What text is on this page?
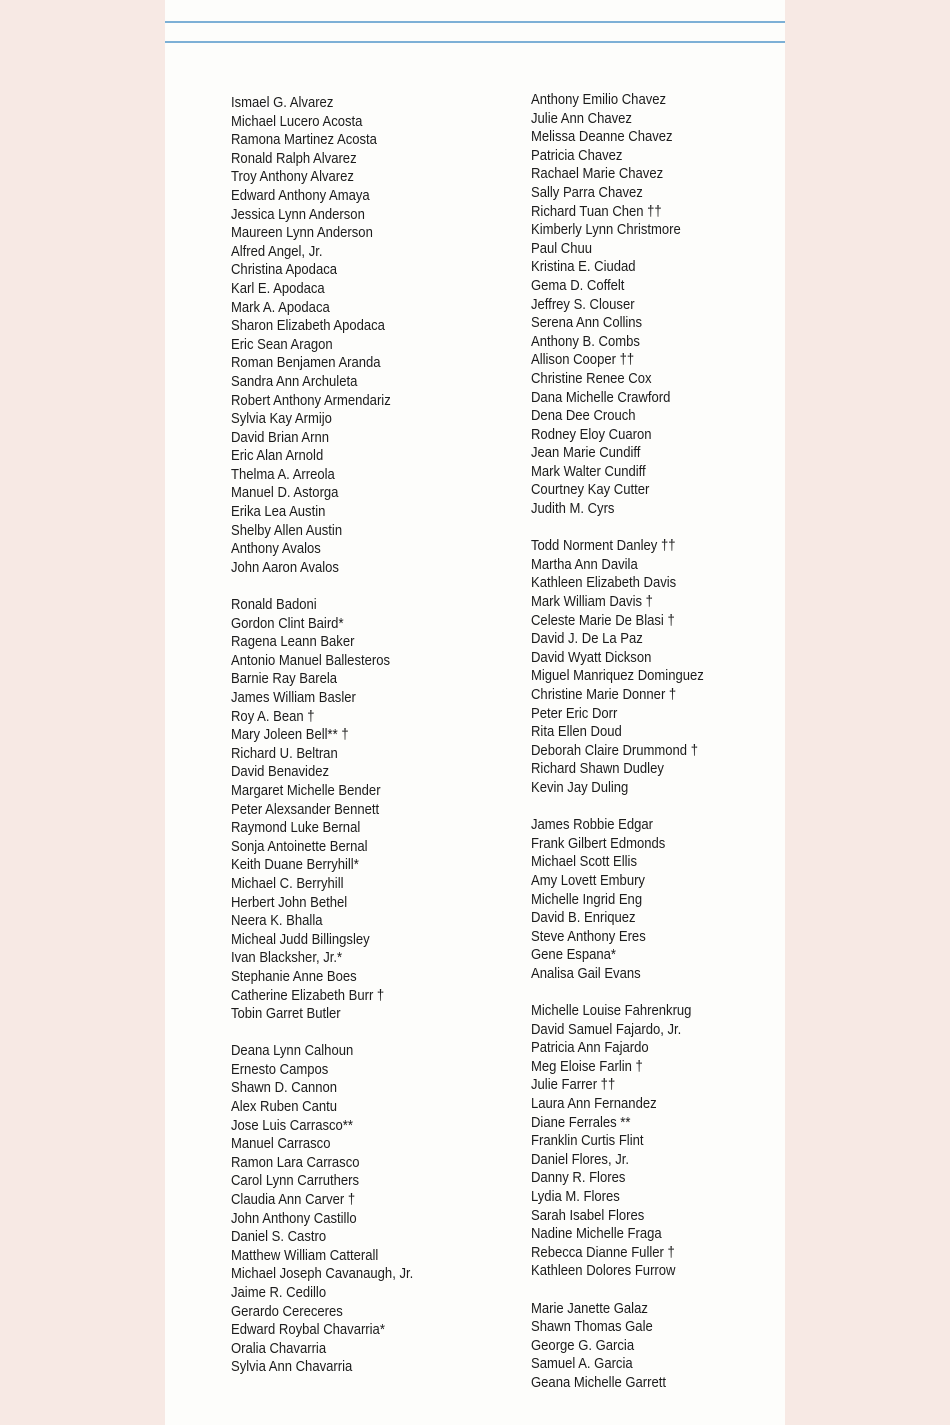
Ismael G. Alvarez
Michael Lucero Acosta
Ramona Martinez Acosta
Ronald Ralph Alvarez
Troy Anthony Alvarez
Edward Anthony Amaya
Jessica Lynn Anderson
Maureen Lynn Anderson
Alfred Angel, Jr.
Christina Apodaca
Karl E. Apodaca
Mark A. Apodaca
Sharon Elizabeth Apodaca
Eric Sean Aragon
Roman Benjamen Aranda
Sandra Ann Archuleta
Robert Anthony Armendariz
Sylvia Kay Armijo
David Brian Arnn
Eric Alan Arnold
Thelma A. Arreola
Manuel D. Astorga
Erika Lea Austin
Shelby Allen Austin
Anthony Avalos
John Aaron Avalos
Ronald Badoni
Gordon Clint Baird*
Ragena Leann Baker
Antonio Manuel Ballesteros
Barnie Ray Barela
James William Basler
Roy A. Bean †
Mary Joleen Bell** †
Richard U. Beltran
David Benavidez
Margaret Michelle Bender
Peter Alexsander Bennett
Raymond Luke Bernal
Sonja Antoinette Bernal
Keith Duane Berryhill*
Michael C. Berryhill
Herbert John Bethel
Neera K. Bhalla
Micheal Judd Billingsley
Ivan Blacksher, Jr.*
Stephanie Anne Boes
Catherine Elizabeth Burr †
Tobin Garret Butler
Deana Lynn Calhoun
Ernesto Campos
Shawn D. Cannon
Alex Ruben Cantu
Jose Luis Carrasco**
Manuel Carrasco
Ramon Lara Carrasco
Carol Lynn Carruthers
Claudia Ann Carver †
John Anthony Castillo
Daniel S. Castro
Matthew William Catterall
Michael Joseph Cavanaugh, Jr.
Jaime R. Cedillo
Gerardo Cereceres
Edward Roybal Chavarria*
Oralia Chavarria
Sylvia Ann Chavarria
Anthony Emilio Chavez
Julie Ann Chavez
Melissa Deanne Chavez
Patricia Chavez
Rachael Marie Chavez
Sally Parra Chavez
Richard Tuan Chen ††
Kimberly Lynn Christmore
Paul Chuu
Kristina E. Ciudad
Gema D. Coffelt
Jeffrey S. Clouser
Serena Ann Collins
Anthony B. Combs
Allison Cooper ††
Christine Renee Cox
Dana Michelle Crawford
Dena Dee Crouch
Rodney Eloy Cuaron
Jean Marie Cundiff
Mark Walter Cundiff
Courtney Kay Cutter
Judith M. Cyrs
Todd Norment Danley ††
Martha Ann Davila
Kathleen Elizabeth Davis
Mark William Davis †
Celeste Marie De Blasi †
David J. De La Paz
David Wyatt Dickson
Miguel Manriquez Dominguez
Christine Marie Donner †
Peter Eric Dorr
Rita Ellen Doud
Deborah Claire Drummond †
Richard Shawn Dudley
Kevin Jay Duling
James Robbie Edgar
Frank Gilbert Edmonds
Michael Scott Ellis
Amy Lovett Embury
Michelle Ingrid Eng
David B. Enriquez
Steve Anthony Eres
Gene Espana*
Analisa Gail Evans
Michelle Louise Fahrenkrug
David Samuel Fajardo, Jr.
Patricia Ann Fajardo
Meg Eloise Farlin †
Julie Farrer ††
Laura Ann Fernandez
Diane Ferrales **
Franklin Curtis Flint
Daniel Flores, Jr.
Danny R. Flores
Lydia M. Flores
Sarah Isabel Flores
Nadine Michelle Fraga
Rebecca Dianne Fuller †
Kathleen Dolores Furrow
Marie Janette Galaz
Shawn Thomas Gale
George G. Garcia
Samuel A. Garcia
Geana Michelle Garrett
